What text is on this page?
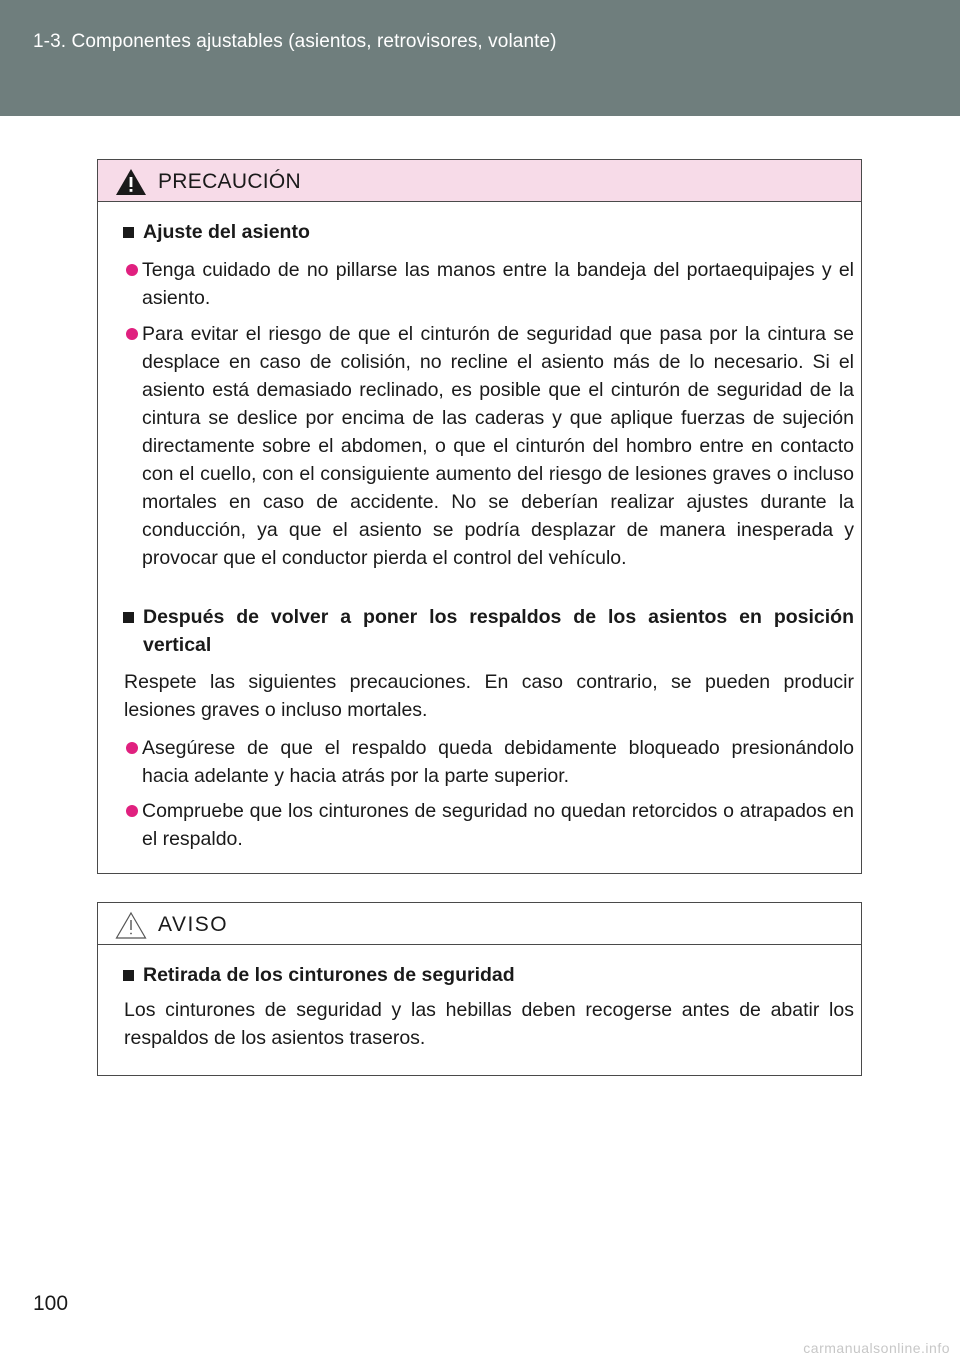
1-3. Componentes ajustables (asientos, retrovisores, volante)
PRECAUCIÓN
Ajuste del asiento
Tenga cuidado de no pillarse las manos entre la bandeja del portaequipajes y el asiento.
Para evitar el riesgo de que el cinturón de seguridad que pasa por la cintura se desplace en caso de colisión, no recline el asiento más de lo necesario. Si el asiento está demasiado reclinado, es posible que el cinturón de seguridad de la cintura se deslice por encima de las caderas y que aplique fuerzas de sujeción directamente sobre el abdomen, o que el cinturón del hombro entre en contacto con el cuello, con el consiguiente aumento del riesgo de lesiones graves o incluso mortales en caso de accidente. No se deberían realizar ajustes durante la conducción, ya que el asiento se podría desplazar de manera inesperada y provocar que el conductor pierda el control del vehículo.
Después de volver a poner los respaldos de los asientos en posición vertical
Respete las siguientes precauciones. En caso contrario, se pueden producir lesiones graves o incluso mortales.
Asegúrese de que el respaldo queda debidamente bloqueado presionándolo hacia adelante y hacia atrás por la parte superior.
Compruebe que los cinturones de seguridad no quedan retorcidos o atrapados en el respaldo.
AVISO
Retirada de los cinturones de seguridad
Los cinturones de seguridad y las hebillas deben recogerse antes de abatir los respaldos de los asientos traseros.
100
carmanualsonline.info
